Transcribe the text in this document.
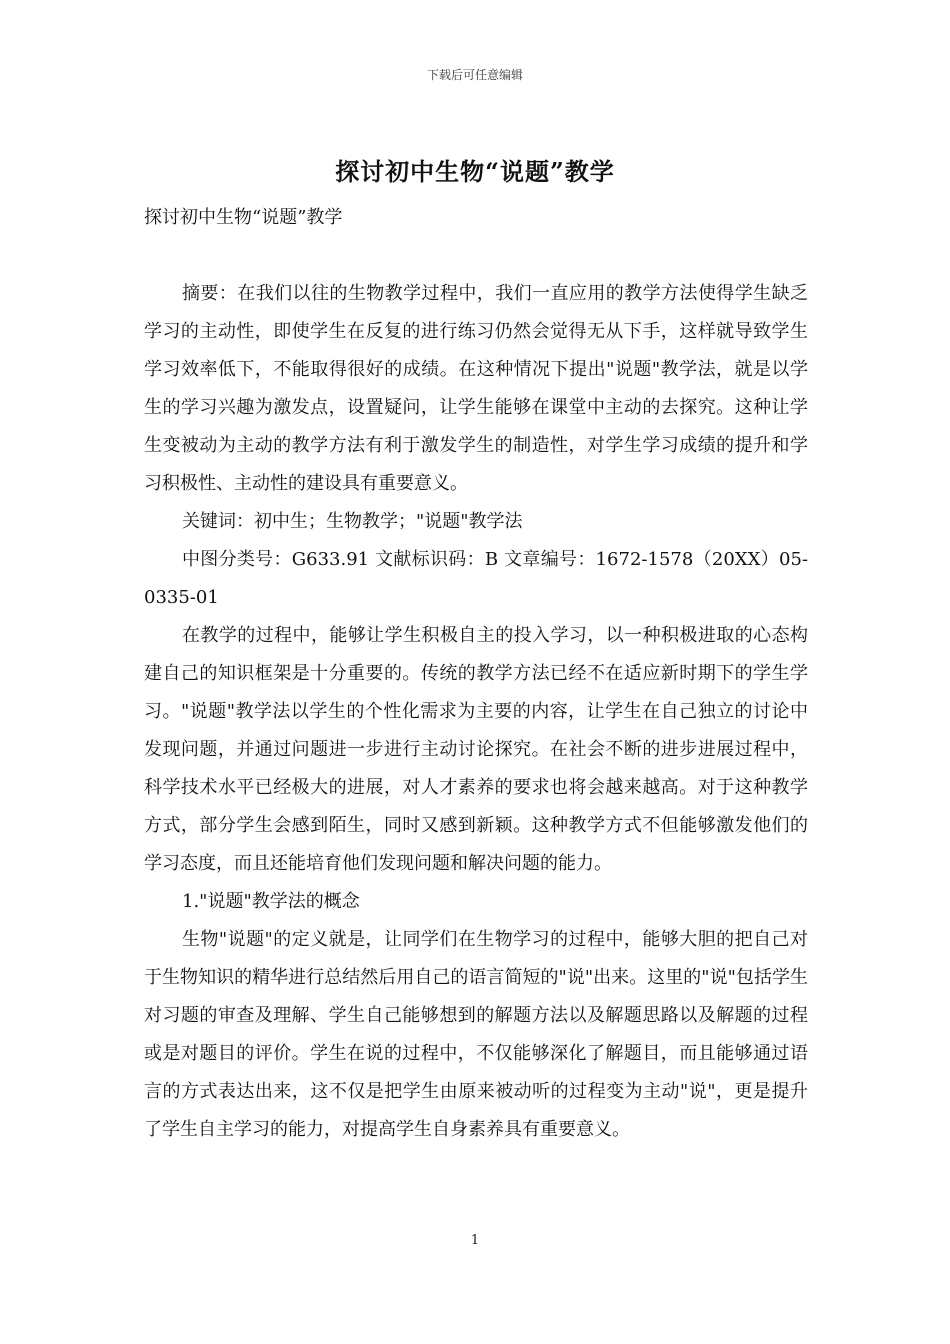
下载后可任意编辑
探讨初中生物“说题”教学

探讨初中生物“说题”教学

摘要：在我们以往的生物教学过程中，我们一直应用的教学方法使得学生缺乏学习的主动性，即使学生在反复的进行练习仍然会觉得无从下手，这样就导致学生学习效率低下，不能取得很好的成绩。在这种情况下提出"说题"教学法，就是以学生的学习兴趣为激发点，设置疑问，让学生能够在课堂中主动的去探究。这种让学生变被动为主动的教学方法有利于激发学生的制造性，对学生学习成绩的提升和学习积极性、主动性的建设具有重要意义。

关键词：初中生；生物教学；"说题"教学法

中图分类号：G633.91 文献标识码：B 文章编号：1672-1578（20XX）05-0335-01

在教学的过程中，能够让学生积极自主的投入学习，以一种积极进取的心态构建自己的知识框架是十分重要的。传统的教学方法已经不在适应新时期下的学生学习。"说题"教学法以学生的个性化需求为主要的内容，让学生在自己独立的讨论中发现问题，并通过问题进一步进行主动讨论探究。在社会不断的进步进展过程中，科学技术水平已经极大的进展，对人才素养的要求也将会越来越高。对于这种教学方式，部分学生会感到陌生，同时又感到新颖。这种教学方式不但能够激发他们的学习态度，而且还能培育他们发现问题和解决问题的能力。

1."说题"教学法的概念

生物"说题"的定义就是，让同学们在生物学习的过程中，能够大胆的把自己对于生物知识的精华进行总结然后用自己的语言简短的"说"出来。这里的"说"包括学生对习题的审查及理解、学生自己能够想到的解题方法以及解题思路以及解题的过程或是对题目的评价。学生在说的过程中，不仅能够深化了解题目，而且能够通过语言的方式表达出来，这不仅是把学生由原来被动听的过程变为主动"说"，更是提升了学生自主学习的能力，对提高学生自身素养具有重要意义。

1
